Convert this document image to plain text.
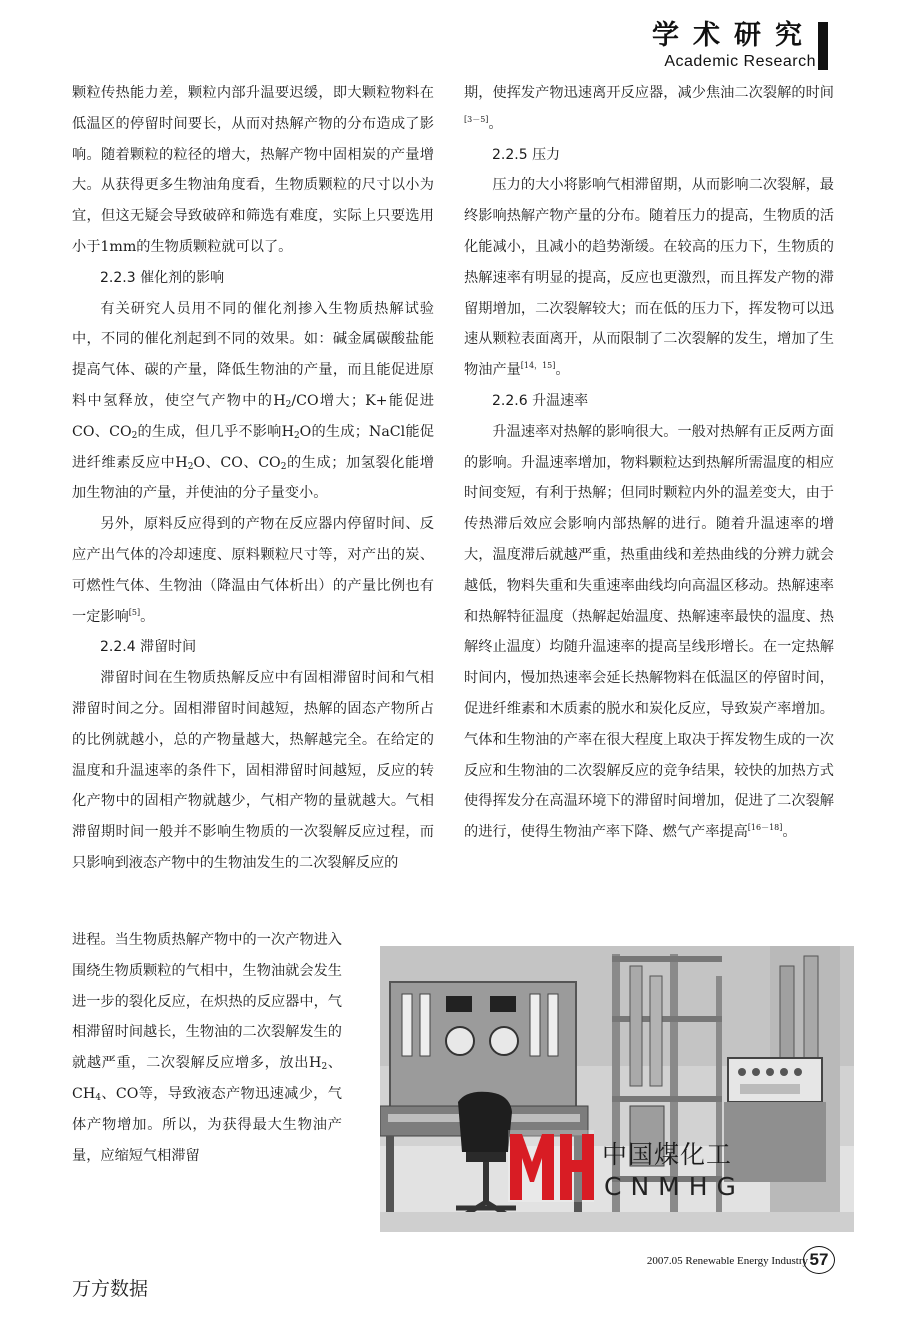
学术研究
Academic Research

颗粒传热能力差，颗粒内部升温要迟缓，即大颗粒物料在低温区的停留时间要长，从而对热解产物的分布造成了影响。随着颗粒的粒径的增大，热解产物中固相炭的产量增大。从获得更多生物油角度看，生物质颗粒的尺寸以小为宜，但这无疑会导致破碎和筛选有难度，实际上只要选用小于1mm的生物质颗粒就可以了。

2.2.3 催化剂的影响

有关研究人员用不同的催化剂掺入生物质热解试验中，不同的催化剂起到不同的效果。如：碱金属碳酸盐能提高气体、碳的产量，降低生物油的产量，而且能促进原料中氢释放，使空气产物中的$H_2/CO$增大；K+能促进CO、$CO_2$的生成，但几乎不影响$H_2O$的生成；NaCl能促进纤维素反应中$H_2O$、CO、$CO_2$的生成；加氢裂化能增加生物油的产量，并使油的分子量变小。

另外，原料反应得到的产物在反应器内停留时间、反应产出气体的冷却速度、原料颗粒尺寸等，对产出的炭、可燃性气体、生物油（降温由气体析出）的产量比例也有一定影响[5]。

2.2.4 滞留时间

滞留时间在生物质热解反应中有固相滞留时间和气相滞留时间之分。固相滞留时间越短，热解的固态产物所占的比例就越小，总的产物量越大，热解越完全。在给定的温度和升温速率的条件下，固相滞留时间越短，反应的转化产物中的固相产物就越少，气相产物的量就越大。气相滞留期时间一般并不影响生物质的一次裂解反应过程，而只影响到液态产物中的生物油发生的二次裂解反应的

进程。当生物质热解产物中的一次产物进入围绕生物质颗粒的气相中，生物油就会发生进一步的裂化反应，在炽热的反应器中，气相滞留时间越长，生物油的二次裂解发生的就越严重，二次裂解反应增多，放出$H_2$、$CH_4$、CO等，导致液态产物迅速减少，气体产物增加。所以，为获得最大生物油产量，应缩短气相滞留

期，使挥发产物迅速离开反应器，减少焦油二次裂解的时间[3－5]。

2.2.5 压力

压力的大小将影响气相滞留期，从而影响二次裂解，最终影响热解产物产量的分布。随着压力的提高，生物质的活化能减小，且减小的趋势渐缓。在较高的压力下，生物质的热解速率有明显的提高，反应也更激烈，而且挥发产物的滞留期增加，二次裂解较大；而在低的压力下，挥发物可以迅速从颗粒表面离开，从而限制了二次裂解的发生，增加了生物油产量[14，15]。

2.2.6 升温速率

升温速率对热解的影响很大。一般对热解有正反两方面的影响。升温速率增加，物料颗粒达到热解所需温度的相应时间变短，有利于热解；但同时颗粒内外的温差变大，由于传热滞后效应会影响内部热解的进行。随着升温速率的增大，温度滞后就越严重，热重曲线和差热曲线的分辨力就会越低，物料失重和失重速率曲线均向高温区移动。热解速率和热解特征温度（热解起始温度、热解速率最快的温度、热解终止温度）均随升温速率的提高呈线形增长。在一定热解时间内，慢加热速率会延长热解物料在低温区的停留时间，促进纤维素和木质素的脱水和炭化反应，导致炭产率增加。气体和生物油的产率在很大程度上取决于挥发物生成的一次反应和生物油的二次裂解反应的竞争结果，较快的加热方式使得挥发分在高温环境下的滞留时间增加，促进了二次裂解的进行，使得生物油产率下降、燃气产率提高[16－18]。

中国煤化工
CNMHG
2007.05 Renewable Energy Industry 57
万方数据
